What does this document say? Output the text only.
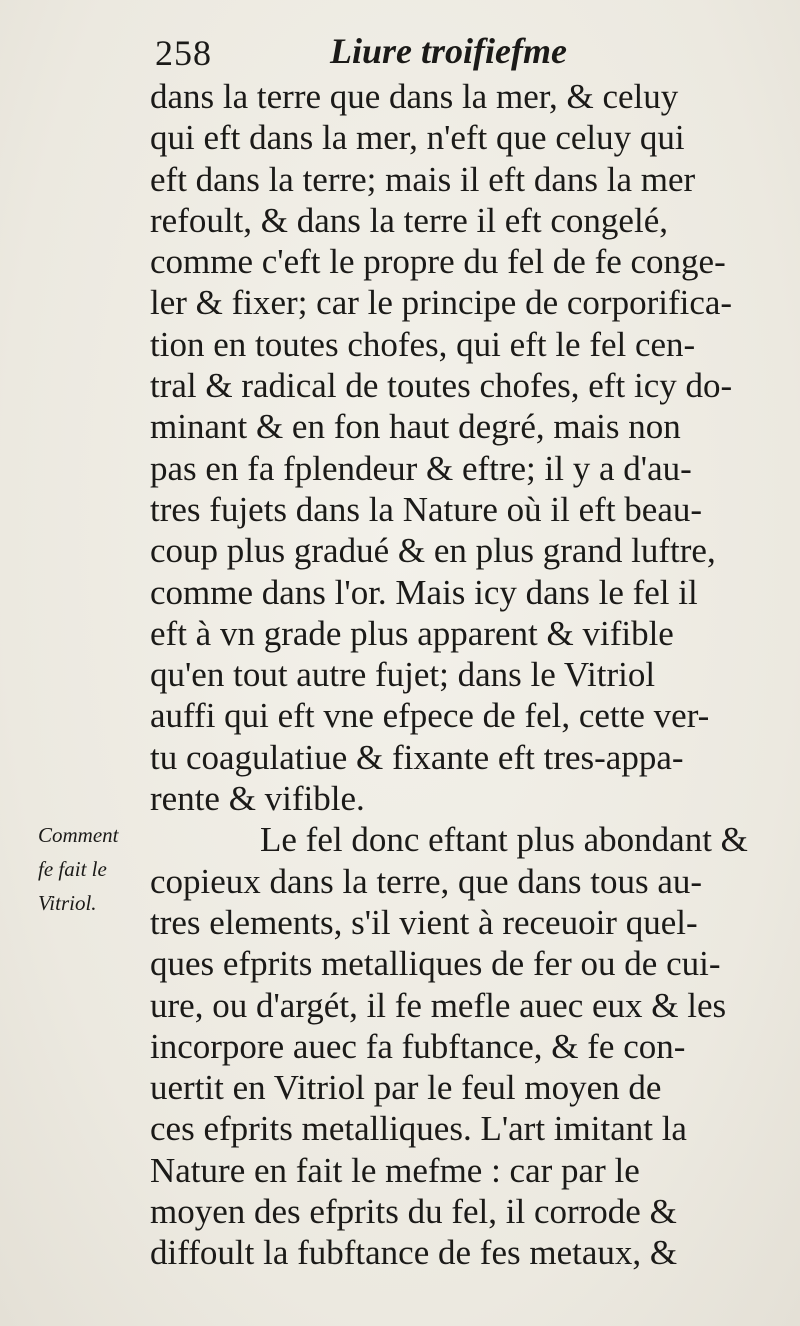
258	Liure troifiefme
Comment
fe fait le
Vitriol.
dans la terre que dans la mer, & celuy
qui eft dans la mer, n'eft que celuy qui
eft dans la terre; mais il eft dans la mer
refoult, & dans la terre il eft congelé,
comme c'eft le propre du fel de fe conge-
ler & fixer; car le principe de corporifica-
tion en toutes chofes, qui eft le fel cen-
tral & radical de toutes chofes, eft icy do-
minant & en fon haut degré, mais non
pas en fa fplendeur & eftre; il y a d'au-
tres fujets dans la Nature où il eft beau-
coup plus gradué & en plus grand luftre,
comme dans l'or. Mais icy dans le fel il
eft à vn grade plus apparent & vifible
qu'en tout autre fujet; dans le Vitriol
auffi qui eft vne efpece de fel, cette ver-
tu coagulatiue & fixante eft tres-appa-
rente & vifible.
Le fel donc eftant plus abondant &
copieux dans la terre, que dans tous au-
tres elements, s'il vient à receuoir quel-
ques efprits metalliques de fer ou de cui-
ure, ou d'argét, il fe mefle auec eux & les
incorpore auec fa fubftance, & fe con-
uertit en Vitriol par le feul moyen de
ces efprits metalliques. L'art imitant la
Nature en fait le mefme : car par le
moyen des efprits du fel, il corrode &
diffoult la fubftance de fes metaux, &
